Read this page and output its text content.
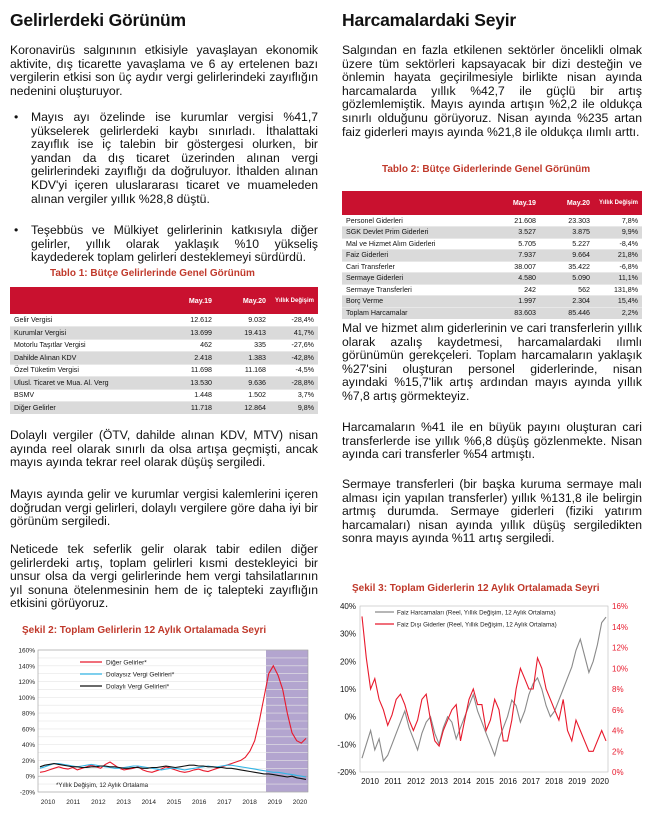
Gelirlerdeki Görünüm

Koronavirüs salgınının etkisiyle yavaşlayan ekonomik aktivite, dış ticarette yavaşlama ve 6 ay ertelenen bazı vergilerin etkisi son üç aydır vergi gelirlerindeki zayıflığın nedenini oluşturuyor.

• Mayıs ayı özelinde ise kurumlar vergisi %41,7 yükselerek gelirlerdeki kaybı sınırladı. İthalattaki zayıflık ise iç talebin bir göstergesi olurken, bir yandan da dış ticaret üzerinden alınan vergi gelirlerindeki zayıflığı da doğruluyor. İthalden alınan KDV'yi içeren uluslararası ticaret ve muameleden alınan vergiler yıllık %28,8 düştü.
• Teşebbüs ve Mülkiyet gelirlerinin katkısıyla diğer gelirler, yıllık olarak yaklaşık %10 yükseliş kaydederek toplam gelirleri desteklemeyi sürdürdü.
Tablo 1: Bütçe Gelirlerinde Genel Görünüm
	May.19	May.20	Yıllık Değişim
Gelir Vergisi	12.612	9.032	-28,4%
Kurumlar Vergisi	13.699	19.413	41,7%
Motorlu Taşıtlar Vergisi	462	335	-27,6%
Dahilde Alınan KDV	2.418	1.383	-42,8%
Özel Tüketim Vergisi	11.698	11.168	-4,5%
Ulusl. Ticaret ve Mua. Al. Verg	13.530	9.636	-28,8%
BSMV	1.448	1.502	3,7%
Diğer Gelirler	11.718	12.864	9,8%

Dolaylı vergiler (ÖTV, dahilde alınan KDV, MTV) nisan ayında reel olarak sınırlı da olsa artışa geçmişti, ancak mayıs ayında tekrar reel olarak düşüş sergiledi.

Mayıs ayında gelir ve kurumlar vergisi kalemlerini içeren doğrudan vergi gelirleri, dolaylı vergilere göre daha iyi bir görünüm sergiledi.

Neticede tek seferlik gelir olarak tabir edilen diğer gelirlerdeki artış, toplam gelirleri kısmi destekleyici bir unsur olsa da vergi gelirlerinde hem vergi tahsilatlarının yıl sonuna ötelenmesinin hem de iç talepteki zayıflığın etkisini görüyoruz.

Şekil 2: Toplam Gelirlerin 12 Aylık Ortalamada Seyri
-20%
0%
20%
40%
60%
80%
100%
120%
140%
160%
2010 2011 2012 2013 2014 2015 2016 2017 2018 2019 2020
Diğer Gelirler*
Dolaysız Vergi Gelirleri*
Dolaylı Vergi Gelirleri*
*Yıllık Değişim, 12 Aylık Ortalama
Harcamalardaki Seyir

Salgından en fazla etkilenen sektörler öncelikli olmak üzere tüm sektörleri kapsayacak bir dizi desteğin ve önlemin hayata geçirilmesiyle birlikte nisan ayında harcamalarda yıllık %42,7 ile güçlü bir artış gözlemlemiştik. Mayıs ayında artışın %2,2 ile oldukça sınırlı olduğunu görüyoruz. Nisan ayında %235 artan faiz giderleri mayıs ayında %21,8 ile oldukça ılımlı arttı.

Tablo 2: Bütçe Giderlerinde Genel Görünüm
	May.19	May.20	Yıllık Değişim
Personel Giderleri	21.608	23.303	7,8%
SGK Devlet Prim Giderleri	3.527	3.875	9,9%
Mal ve Hizmet Alım Giderleri	5.705	5.227	-8,4%
Faiz Giderleri	7.937	9.664	21,8%
Cari Transferler	38.007	35.422	-6,8%
Sermaye Giderleri	4.580	5.090	11,1%
Sermaye Transferleri	242	562	131,8%
Borç Verme	1.997	2.304	15,4%
Toplam Harcamalar	83.603	85.446	2,2%

Mal ve hizmet alım giderlerinin ve cari transferlerin yıllık olarak azalış kaydetmesi, harcamalardaki ılımlı görünümün gerekçeleri. Toplam harcamaların yaklaşık %27'sini oluşturan personel giderlerinde, nisan ayındaki %15,7'lik artış ardından mayıs ayında yıllık %7,8 artış görmekteyiz.

Harcamaların %41 ile en büyük payını oluşturan cari transferlerde ise yıllık %6,8 düşüş gözlenmekte. Nisan ayında cari transferler %54 artmıştı.

Sermaye transferleri (bir başka kuruma sermaye malı alması için yapılan transferler) yıllık %131,8 ile belirgin artmış durumda. Sermaye giderleri (fiziki yatırım harcamaları) nisan ayında yıllık düşüş sergiledikten sonra mayıs ayında %11 artış sergiledi.

Şekil 3: Toplam Giderlerin 12 Aylık Ortalamada Seyri
-20%
-10%
0%
10%
20%
30%
40%
0%
2%
4%
6%
8%
10%
12%
14%
16%
2010 2011 2012 2013 2014 2015 2016 2017 2018 2019 2020
Faiz Harcamaları (Reel, Yıllık Değişim, 12 Aylık Ortalama)
Faiz Dışı Giderler (Reel, Yıllık Değişim, 12 Aylık Ortalama)
